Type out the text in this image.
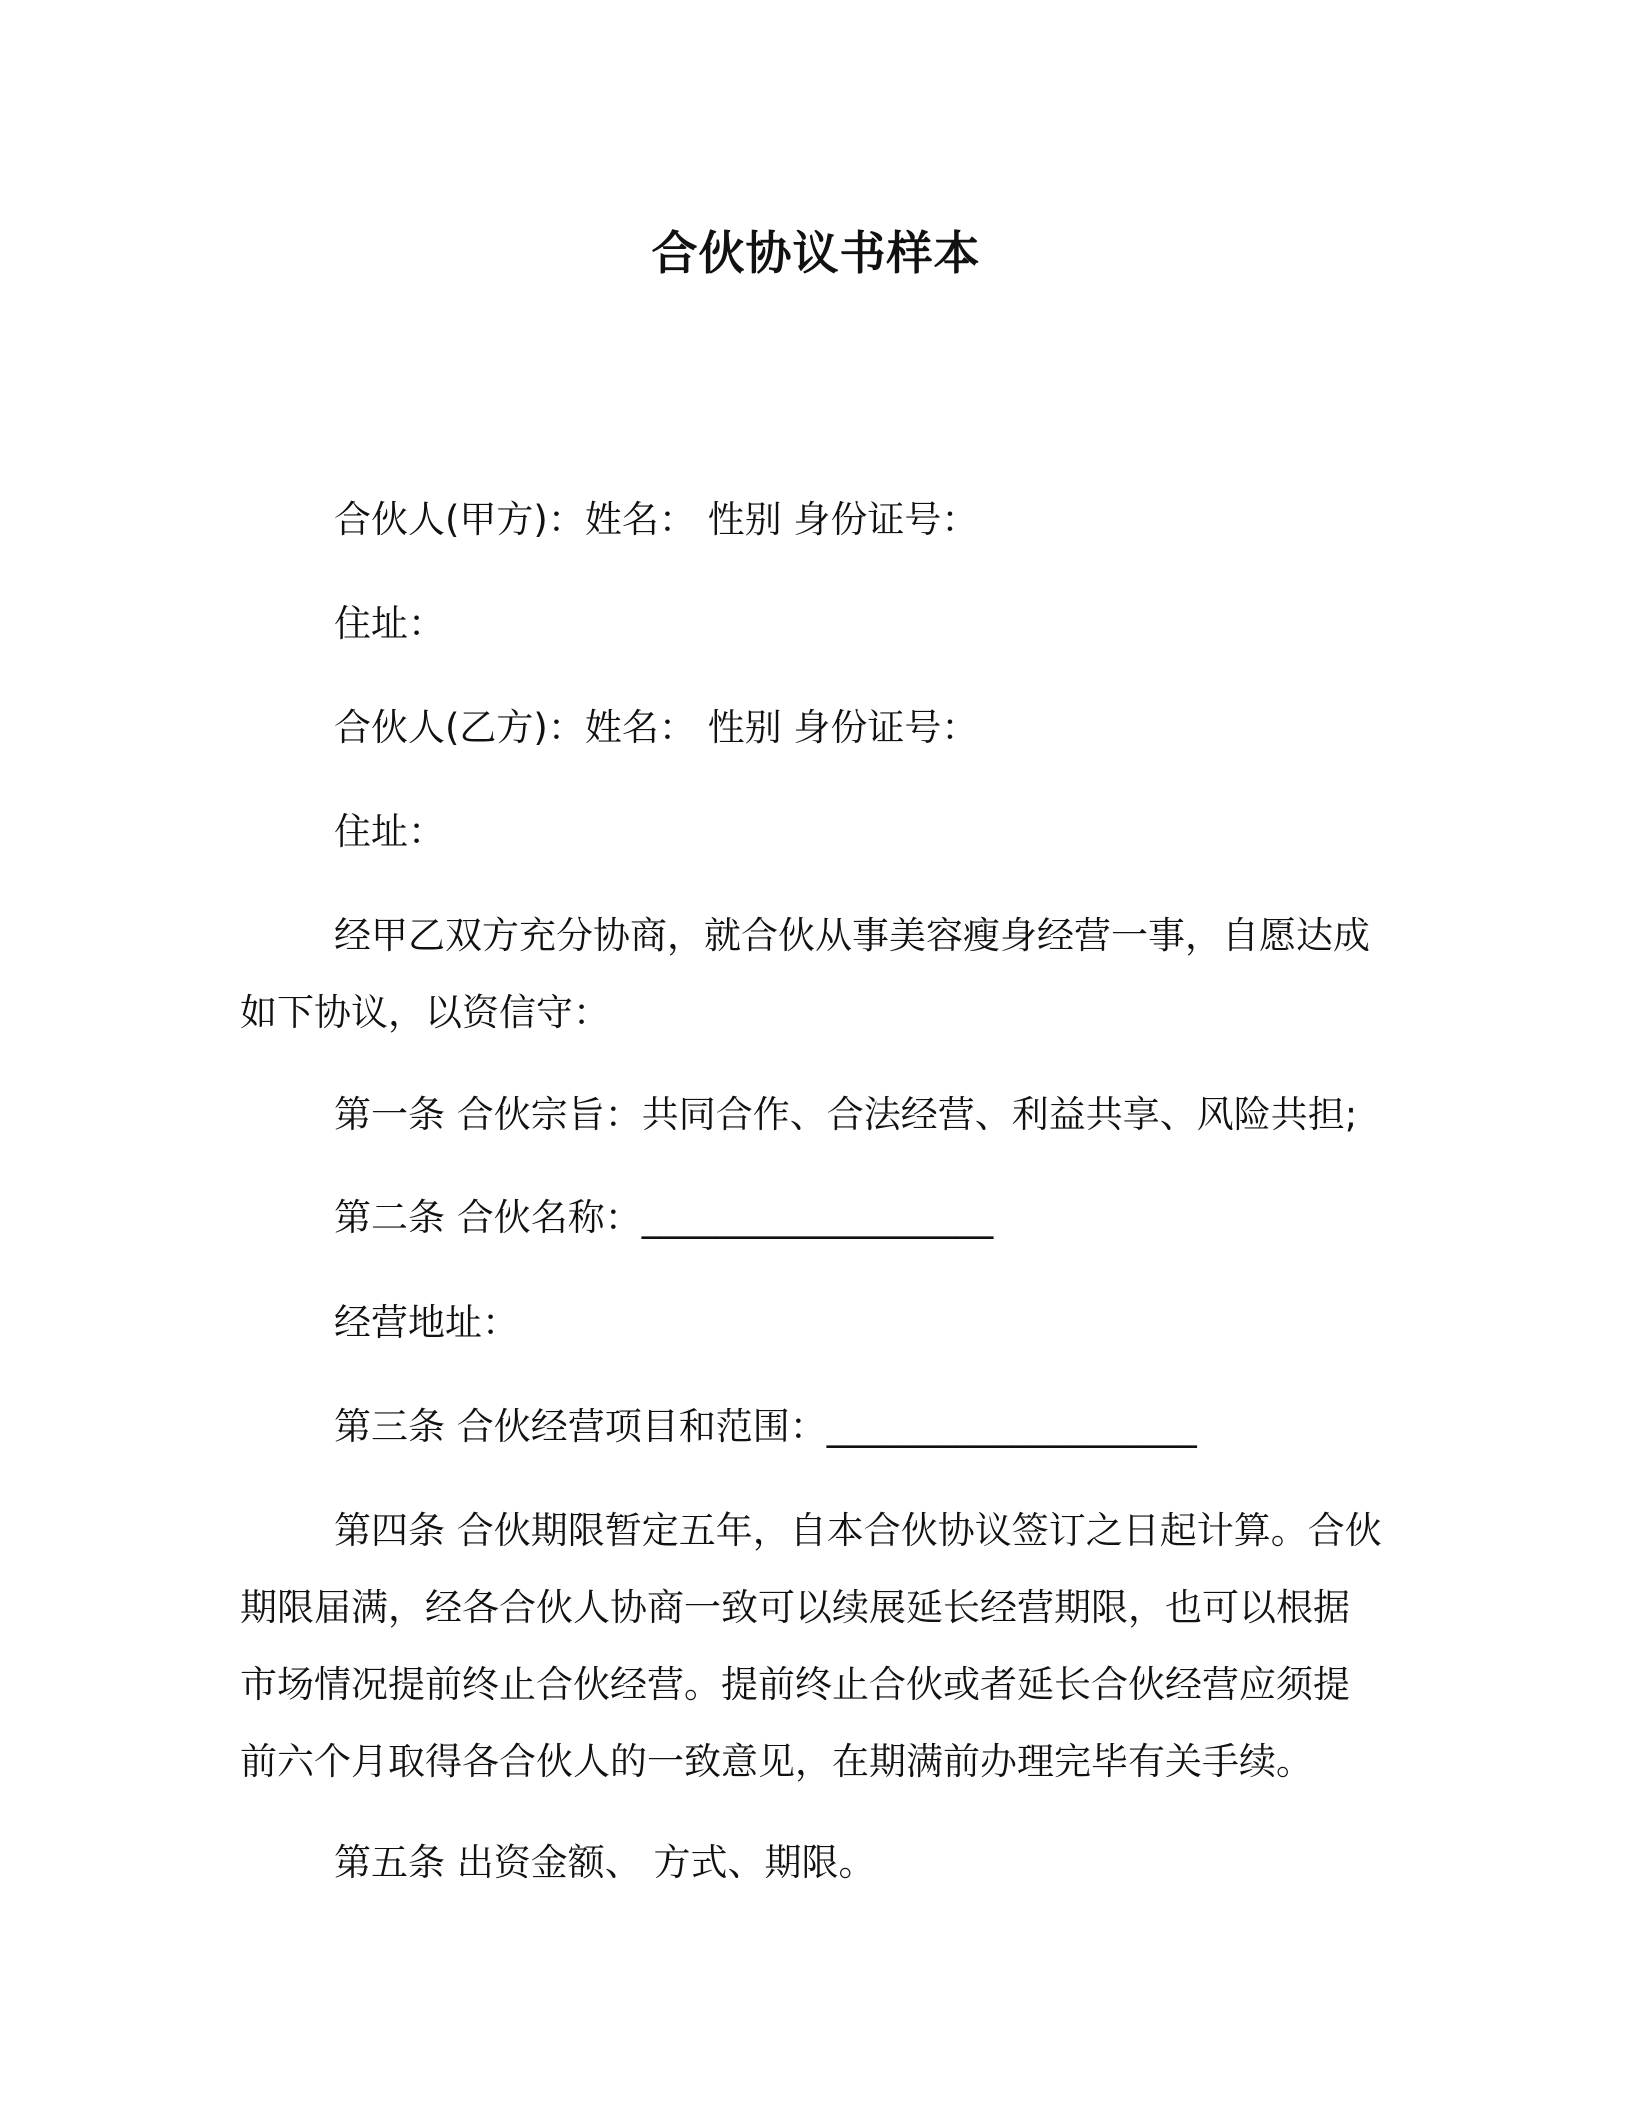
合伙协议书样本
合伙人(甲方)：姓名： 性别 身份证号：
住址：
合伙人(乙方)：姓名： 性别 身份证号：
住址：
经甲乙双方充分协商，就合伙从事美容瘦身经营一事，自愿达成
如下协议，以资信守：
第一条 合伙宗旨：共同合作、合法经营、利益共享、风险共担;
第二条 合伙名称：___________________
经营地址：
第三条 合伙经营项目和范围：____________________
第四条 合伙期限暂定五年，自本合伙协议签订之日起计算。合伙
期限届满，经各合伙人协商一致可以续展延长经营期限，也可以根据
市场情况提前终止合伙经营。提前终止合伙或者延长合伙经营应须提
前六个月取得各合伙人的一致意见，在期满前办理完毕有关手续。
第五条 出资金额、 方式、期限。
